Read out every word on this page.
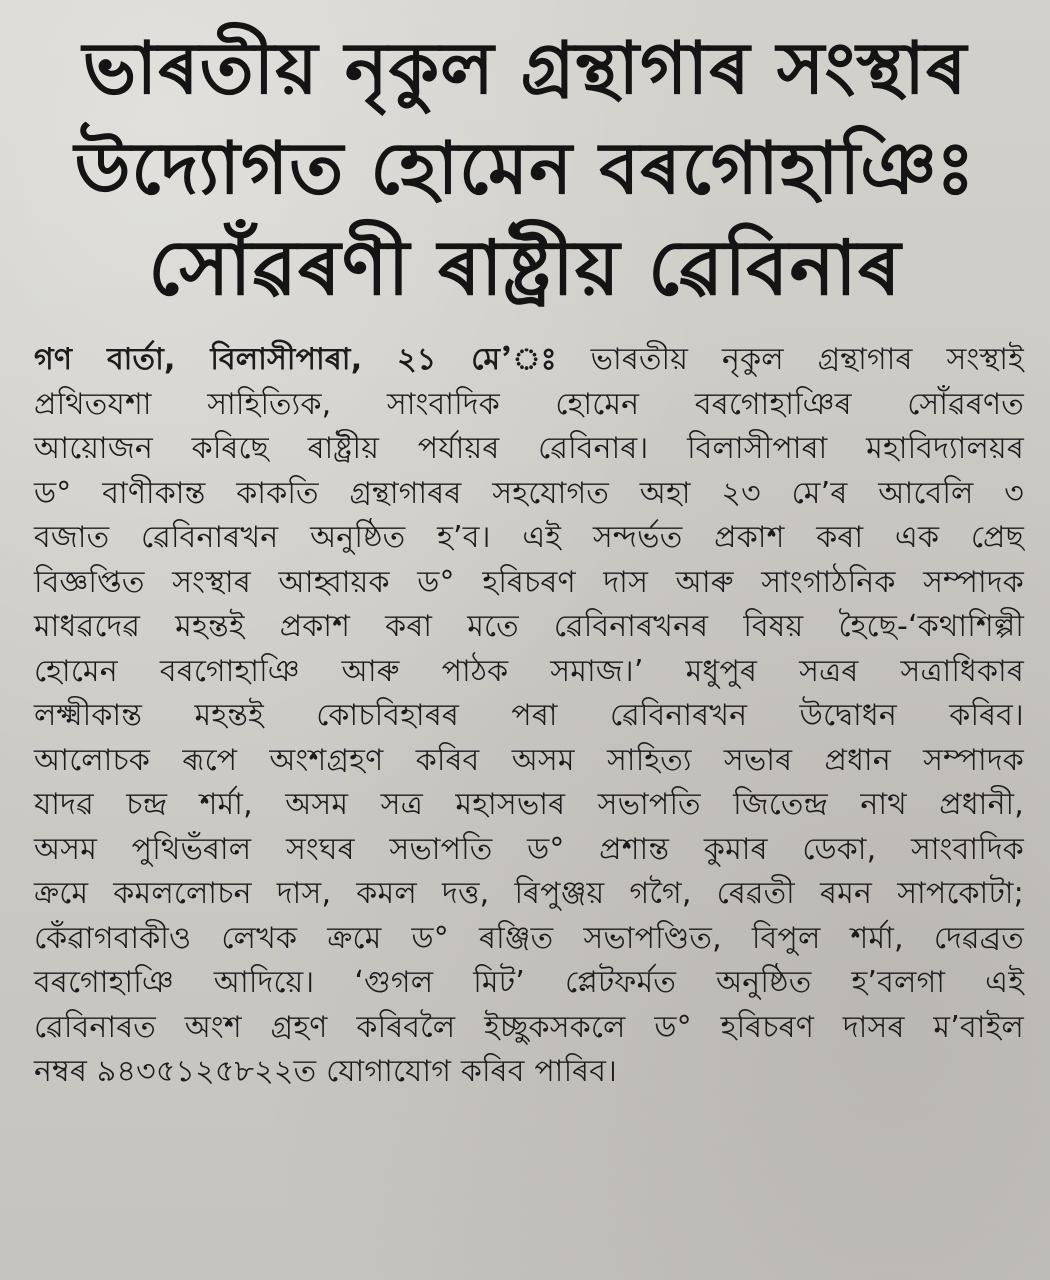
ভাৰতীয় নৃকুল গ্ৰন্থাগাৰ সংস্থাৰ
উদ্যোগত হোমেন বৰগোহাঞিঃ
সোঁৱৰণী ৰাষ্ট্ৰীয় ৱেবিনাৰ
গণ বাৰ্তা, বিলাসীপাৰা, ২১ মে’ঃ ভাৰতীয় নৃকুল গ্ৰন্থাগাৰ সংস্থাই
প্ৰথিতযশা সাহিত্যিক, সাংবাদিক হোমেন বৰগোহাঞিৰ সোঁৱৰণত
আয়োজন কৰিছে ৰাষ্ট্ৰীয় পৰ্যায়ৰ ৱেবিনাৰ। বিলাসীপাৰা মহাবিদ্যালয়ৰ
ড° বাণীকান্ত কাকতি গ্ৰন্থাগাৰৰ সহযোগত অহা ২৩ মে’ৰ আবেলি ৩
বজাত ৱেবিনাৰখন অনুষ্ঠিত হ’ব। এই সন্দৰ্ভত প্ৰকাশ কৰা এক প্ৰেছ
বিজ্ঞপ্তিত সংস্থাৰ আহ্বায়ক ড° হৰিচৰণ দাস আৰু সাংগাঠনিক সম্পাদক
মাধৱদেৱ মহন্তই প্ৰকাশ কৰা মতে ৱেবিনাৰখনৰ বিষয় হৈছে-‘কথাশিল্পী
হোমেন বৰগোহাঞি আৰু পাঠক সমাজ।’ মধুপুৰ সত্ৰৰ সত্ৰাধিকাৰ
লক্ষ্মীকান্ত মহন্তই কোচবিহাৰৰ পৰা ৱেবিনাৰখন উদ্বোধন কৰিব।
আলোচক ৰূপে অংশগ্ৰহণ কৰিব অসম সাহিত্য সভাৰ প্ৰধান সম্পাদক
যাদৱ চন্দ্ৰ শৰ্মা, অসম সত্ৰ মহাসভাৰ সভাপতি জিতেন্দ্ৰ নাথ প্ৰধানী,
অসম পুথিভঁৰাল সংঘৰ সভাপতি ড° প্ৰশান্ত কুমাৰ ডেকা, সাংবাদিক
ক্ৰমে কমললোচন দাস, কমল দত্ত, ৰিপুঞ্জয় গগৈ, ৰেৱতী ৰমন সাপকোটা;
কেঁৱাগবাকীও লেখক ক্ৰমে ড° ৰঞ্জিত সভাপণ্ডিত, বিপুল শৰ্মা, দেৱব্ৰত
বৰগোহাঞি আদিয়ে। ‘গুগল মিট’ প্লেটফৰ্মত অনুষ্ঠিত হ’বলগা এই
ৱেবিনাৰত অংশ গ্ৰহণ কৰিবলৈ ইচ্ছুকসকলে ড° হৰিচৰণ দাসৰ ম’বাইল
নম্বৰ ৯৪৩৫১২৫৮২২ত যোগাযোগ কৰিব পাৰিব।
